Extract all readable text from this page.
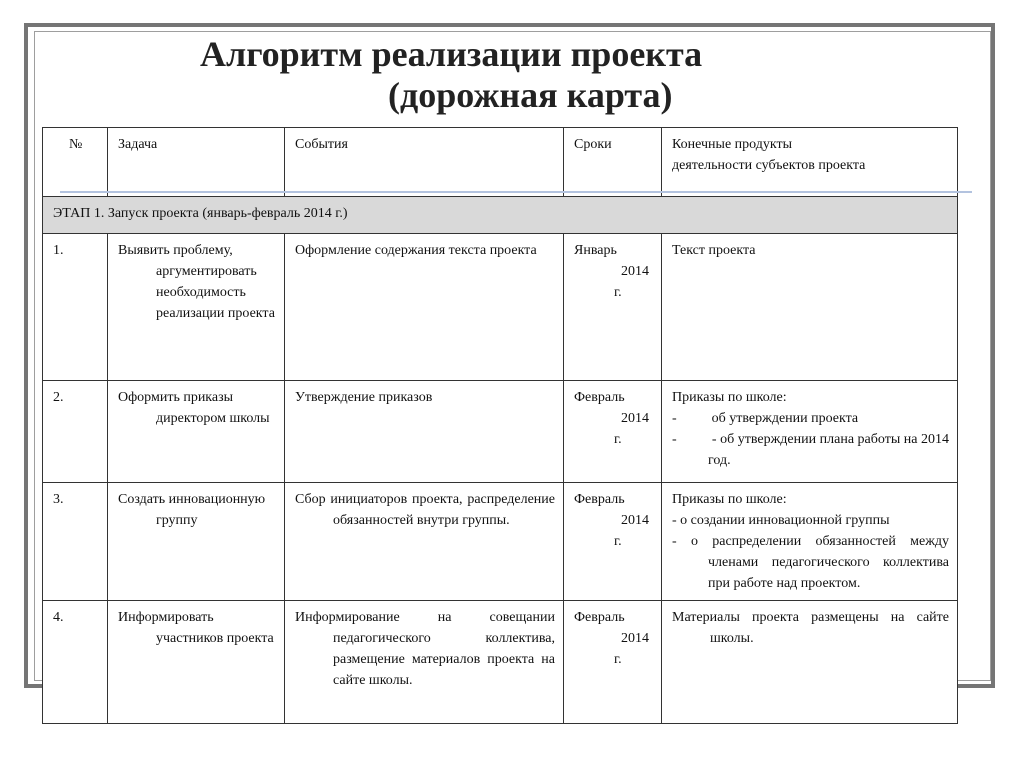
Алгоритм реализации проекта
(дорожная карта)
№	Задача	События	Сроки	Конечные продукты
деятельности субъектов проекта

ЭТАП 1. Запуск проекта (январь-февраль 2014 г.)				
1.	Выявить проблему, аргументировать необходимость реализации проекта	Оформление содержания текста проекта	Январь
2014
г.	Текст проекта

2.	Оформить приказы директором школы	Утверждение приказов	Февраль
2014
г.	Приказы по школе:
-          об утверждении проекта
-          - об утверждении плана работы на 2014 год.

3.	Создать инновационную группу	Сбор инициаторов проекта, распределение обязанностей внутри группы.	Февраль
2014
г.	Приказы по школе:
- о создании инновационной группы
- о распределении обязанностей между членами педагогического коллектива при работе над проектом.

4.	Информировать участников проекта	Информирование на совещании педагогического коллектива, размещение материалов проекта на сайте школы.	Февраль
2014
г.	Материалы проекта размещены на сайте школы.
